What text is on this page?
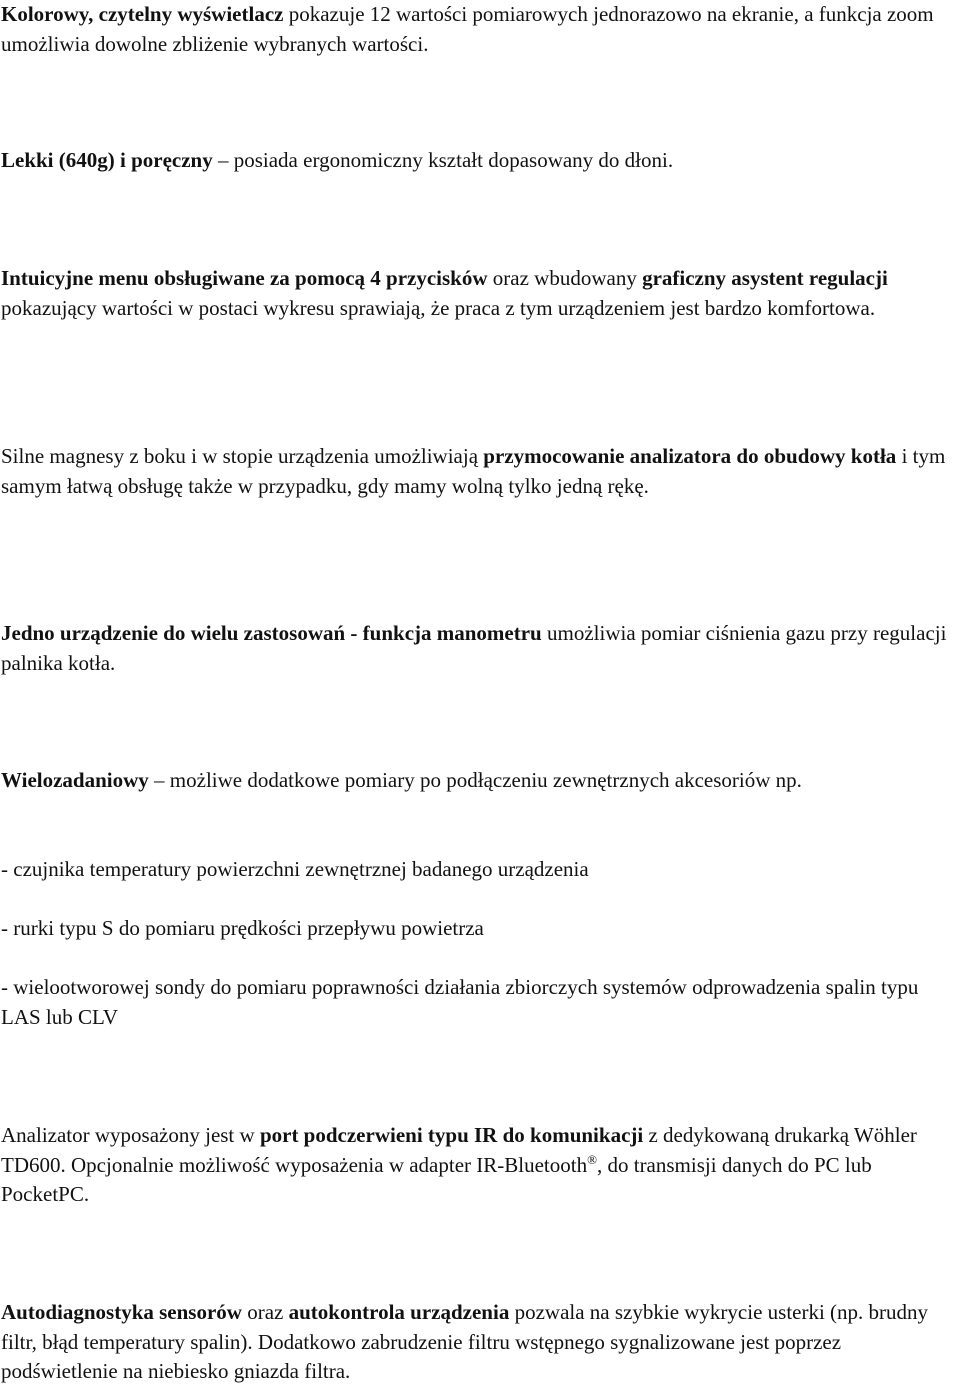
Kolorowy, czytelny wyświetlacz pokazuje 12 wartości pomiarowych jednorazowo na ekranie, a funkcja zoom umożliwia dowolne zbliżenie wybranych wartości.

Lekki (640g) i poręczny – posiada ergonomiczny kształt dopasowany do dłoni.

Intuicyjne menu obsługiwane za pomocą 4 przycisków oraz wbudowany graficzny asystent regulacji pokazujący wartości w postaci wykresu sprawiają, że praca z tym urządzeniem jest bardzo komfortowa.

Silne magnesy z boku i w stopie urządzenia umożliwiają przymocowanie analizatora do obudowy kotła i tym samym łatwą obsługę także w przypadku, gdy mamy wolną tylko jedną rękę.

Jedno urządzenie do wielu zastosowań - funkcja manometru umożliwia pomiar ciśnienia gazu przy regulacji palnika kotła.

Wielozadaniowy – możliwe dodatkowe pomiary po podłączeniu zewnętrznych akcesoriów np.

- czujnika temperatury powierzchni zewnętrznej badanego urządzenia

- rurki typu S do pomiaru prędkości przepływu powietrza

- wielootworowej sondy do pomiaru poprawności działania zbiorczych systemów odprowadzenia spalin typu LAS lub CLV

Analizator wyposażony jest w port podczerwieni typu IR do komunikacji z dedykowaną drukarką Wöhler TD600. Opcjonalnie możliwość wyposażenia w adapter IR-Bluetooth®, do transmisji danych do PC lub PocketPC.

Autodiagnostyka sensorów oraz autokontrola urządzenia pozwala na szybkie wykrycie usterki (np. brudny filtr, błąd temperatury spalin). Dodatkowo zabrudzenie filtru wstępnego sygnalizowane jest poprzez podświetlenie na niebiesko gniazda filtra.
